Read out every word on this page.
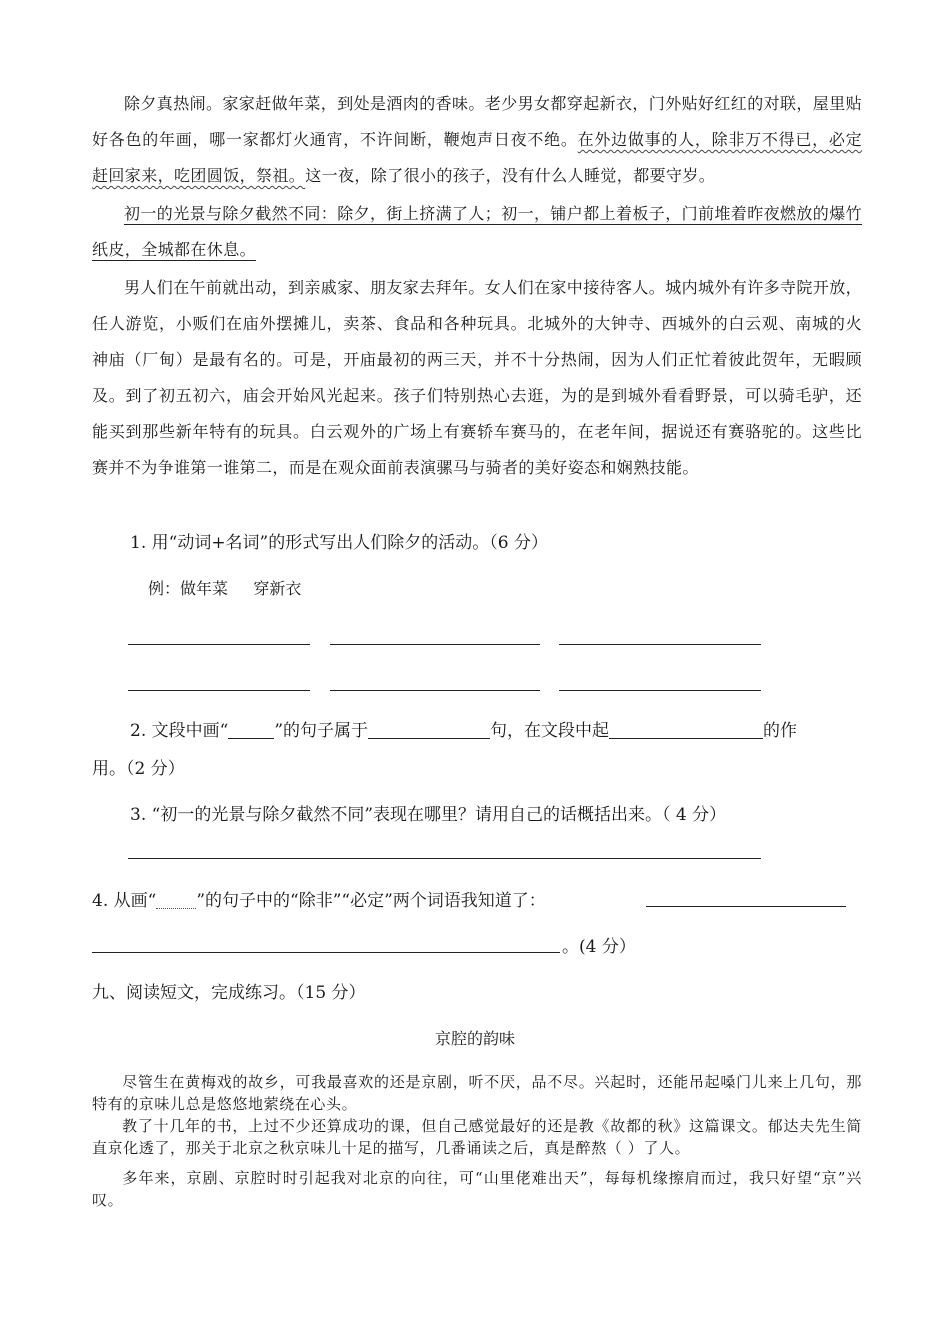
除夕真热闹。家家赶做年菜，到处是酒肉的香味。老少男女都穿起新衣，门外贴好红红的对联，屋里贴好各色的年画，哪一家都灯火通宵，不许间断，鞭炮声日夜不绝。在外边做事的人，除非万不得已，必定赶回家来，吃团圆饭，祭祖。这一夜，除了很小的孩子，没有什么人睡觉，都要守岁。
初一的光景与除夕截然不同：除夕，街上挤满了人；初一，铺户都上着板子，门前堆着昨夜燃放的爆竹纸皮，全城都在休息。
男人们在午前就出动，到亲戚家、朋友家去拜年。女人们在家中接待客人。城内城外有许多寺院开放，任人游览，小贩们在庙外摆摊儿，卖茶、食品和各种玩具。北城外的大钟寺、西城外的白云观、南城的火神庙（厂甸）是最有名的。可是，开庙最初的两三天，并不十分热闹，因为人们正忙着彼此贺年，无暇顾及。到了初五初六，庙会开始风光起来。孩子们特别热心去逛，为的是到城外看看野景，可以骑毛驴，还能买到那些新年特有的玩具。白云观外的广场上有赛轿车赛马的，在老年间，据说还有赛骆驼的。这些比赛并不为争谁第一谁第二，而是在观众面前表演骡马与骑者的美好姿态和娴熟技能。
1. 用“动词+名词”的形式写出人们除夕的活动。（6 分）
例：做年菜     穿新衣
2. 文段中画“	”的句子属于	句，在文段中起	的作
用。（2 分）
3. “初一的光景与除夕截然不同”表现在哪里？请用自己的话概括出来。（ 4 分）
4. 从画“ ”的句子中的“除非”“必定”两个词语我知道了：
。(4 分）
九、阅读短文，完成练习。（15 分）
京腔的韵味
尽管生在黄梅戏的故乡，可我最喜欢的还是京剧，听不厌，品不尽。兴起时，还能吊起嗓门儿来上几句，那特有的京味儿总是悠悠地萦绕在心头。
教了十几年的书，上过不少还算成功的课，但自己感觉最好的还是教《故都的秋》这篇课文。郁达夫先生简直京化透了，那关于北京之秋京味儿十足的描写，几番诵读之后，真是醉熬（ ）了人。
多年来，京剧、京腔时时引起我对北京的向往，可“山里佬难出天”，每每机缘擦肩而过，我只好望“京”兴叹。
